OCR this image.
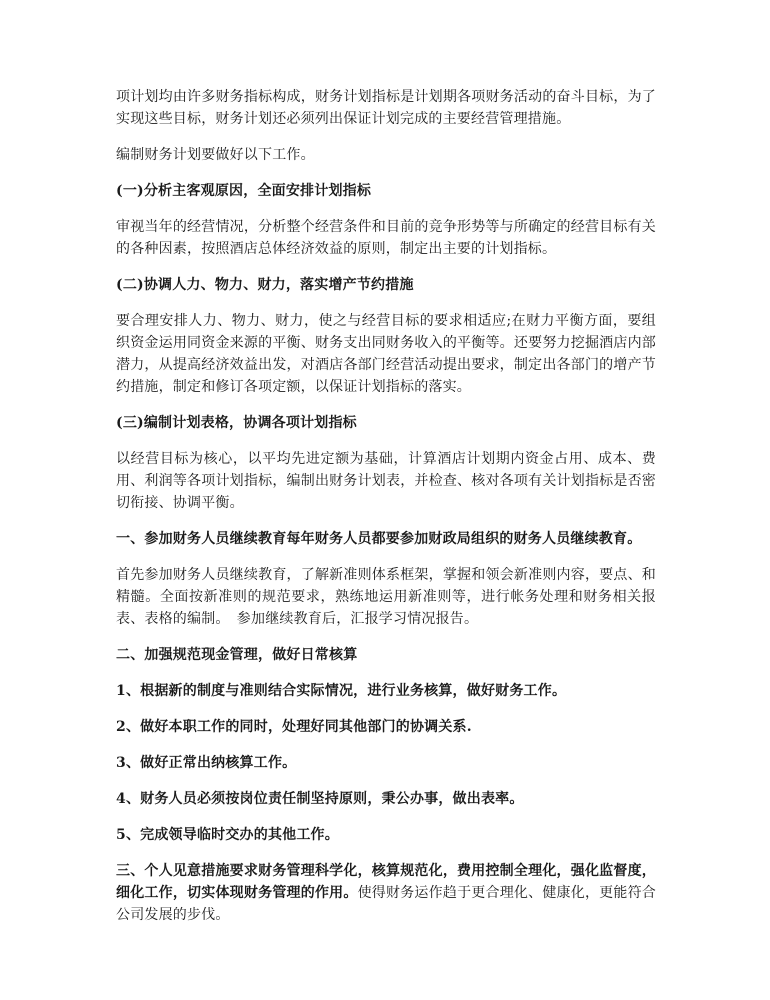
项计划均由许多财务指标构成，财务计划指标是计划期各项财务活动的奋斗目标，为了实现这些目标，财务计划还必须列出保证计划完成的主要经营管理措施。

编制财务计划要做好以下工作。

(一)分析主客观原因，全面安排计划指标

审视当年的经营情况，分析整个经营条件和目前的竞争形势等与所确定的经营目标有关的各种因素，按照酒店总体经济效益的原则，制定出主要的计划指标。

(二)协调人力、物力、财力，落实增产节约措施

要合理安排人力、物力、财力，使之与经营目标的要求相适应;在财力平衡方面，要组织资金运用同资金来源的平衡、财务支出同财务收入的平衡等。还要努力挖掘酒店内部潜力，从提高经济效益出发，对酒店各部门经营活动提出要求，制定出各部门的增产节约措施，制定和修订各项定额，以保证计划指标的落实。

(三)编制计划表格，协调各项计划指标

以经营目标为核心，以平均先进定额为基础，计算酒店计划期内资金占用、成本、费用、利润等各项计划指标，编制出财务计划表，并检查、核对各项有关计划指标是否密切衔接、协调平衡。

一、参加财务人员继续教育每年财务人员都要参加财政局组织的财务人员继续教育。

首先参加财务人员继续教育，了解新准则体系框架，掌握和领会新准则内容，要点、和精髓。全面按新准则的规范要求，熟练地运用新准则等，进行帐务处理和财务相关报表、表格的编制。　参加继续教育后，汇报学习情况报告。

二、加强规范现金管理，做好日常核算

1、根据新的制度与准则结合实际情况，进行业务核算，做好财务工作。

2、做好本职工作的同时，处理好同其他部门的协调关系.

3、做好正常出纳核算工作。

4、财务人员必须按岗位责任制坚持原则，秉公办事，做出表率。

5、完成领导临时交办的其他工作。

三、个人见意措施要求财务管理科学化，核算规范化，费用控制全理化，强化监督度，细化工作，切实体现财务管理的作用。使得财务运作趋于更合理化、健康化，更能符合公司发展的步伐。
